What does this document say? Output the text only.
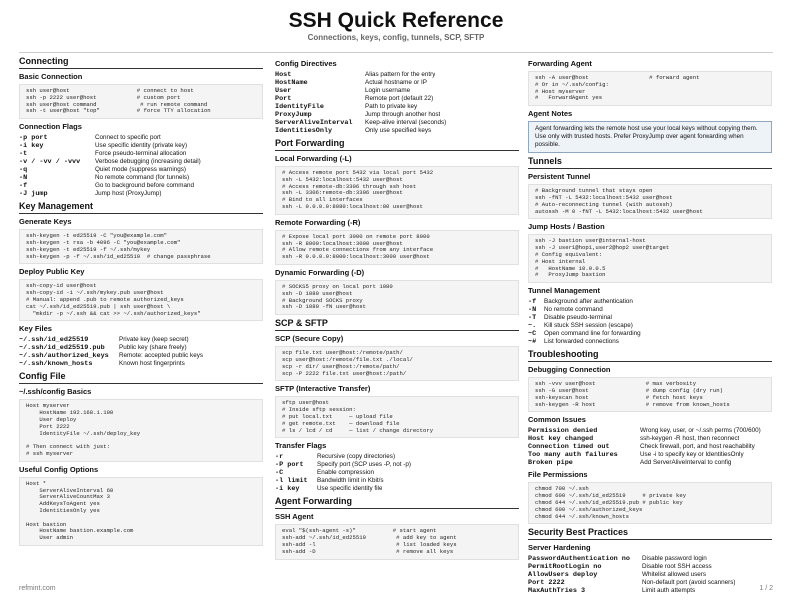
SSH Quick Reference
Connections, keys, config, tunnels, SCP, SFTP
Connecting
Basic Connection
ssh user@host                    # connect to host
ssh -p 2222 user@host            # custom port
ssh user@host command             # run remote command
ssh -t user@host "top"           # force TTY allocation
Connection Flags
-p port	Connect to specific port
-i key	Use specific identity (private key)
-t	Force pseudo-terminal allocation
-v / -vv / -vvv	Verbose debugging (increasing detail)
-q	Quiet mode (suppress warnings)
-N	No remote command (for tunnels)
-f	Go to background before command
-J jump	Jump host (ProxyJump)
Key Management
Generate Keys
ssh-keygen -t ed25519 -C "you@example.com"
ssh-keygen -t rsa -b 4096 -C "you@example.com"
ssh-keygen -t ed25519 -f ~/.ssh/mykey
ssh-keygen -p -f ~/.ssh/id_ed25519  # change passphrase
Deploy Public Key
ssh-copy-id user@host
ssh-copy-id -i ~/.ssh/mykey.pub user@host
# Manual: append .pub to remote authorized_keys
cat ~/.ssh/id_ed25519.pub | ssh user@host \
"mkdir -p ~/.ssh && cat >> ~/.ssh/authorized_keys"
Key Files
~/.ssh/id_ed25519	Private key (keep secret)
~/.ssh/id_ed25519.pub	Public key (share freely)
~/.ssh/authorized_keys	Remote: accepted public keys
~/.ssh/known_hosts	Known host fingerprints
Config File
~/.ssh/config Basics
Host myserver
HostName 192.168.1.100
User deploy
Port 2222
IdentityFile ~/.ssh/deploy_key

# Then connect with just:
# ssh myserver
Useful Config Options
Host *
ServerAliveInterval 60
ServerAliveCountMax 3
AddKeysToAgent yes
IdentitiesOnly yes

Host bastion
HostName bastion.example.com
User admin
Config Directives
Host	Alias pattern for the entry
HostName	Actual hostname or IP
User	Login username
Port	Remote port (default 22)
IdentityFile	Path to private key
ProxyJump	Jump through another host
ServerAliveInterval	Keep-alive interval (seconds)
IdentitiesOnly	Only use specified keys
Port Forwarding
Local Forwarding (-L)
# Access remote port 5432 via local port 5432
ssh -L 5432:localhost:5432 user@host
# Access remote-db:3306 through ssh host
ssh -L 3306:remote-db:3306 user@host
# Bind to all interfaces
ssh -L 0.0.0.0:8080:localhost:80 user@host
Remote Forwarding (-R)
# Expose local port 3000 on remote port 8000
ssh -R 8000:localhost:3000 user@host
# Allow remote connections from any interface
ssh -R 0.0.0.0:8000:localhost:3000 user@host
Dynamic Forwarding (-D)
# SOCKS5 proxy on local port 1080
ssh -D 1080 user@host
# Background SOCKS proxy
ssh -D 1080 -fN user@host
SCP & SFTP
SCP (Secure Copy)
scp file.txt user@host:/remote/path/
scp user@host:/remote/file.txt ./local/
scp -r dir/ user@host:/remote/path/
scp -P 2222 file.txt user@host:/path/
SFTP (Interactive Transfer)
sftp user@host
# Inside sftp session:
# put local.txt     — upload file
# get remote.txt    — download file
# ls / lcd / cd     — list / change directory
Transfer Flags
-r	Recursive (copy directories)
-P port	Specify port (SCP uses -P, not -p)
-C	Enable compression
-l limit	Bandwidth limit in Kbit/s
-i key	Use specific identity file
Agent Forwarding
SSH Agent
eval "$(ssh-agent -s)"           # start agent
ssh-add ~/.ssh/id_ed25519         # add key to agent
ssh-add -l                        # list loaded keys
ssh-add -D                        # remove all keys
Forwarding Agent
ssh -A user@host                  # forward agent
# Or in ~/.ssh/config:
# Host myserver
#   ForwardAgent yes
Agent Notes
Agent forwarding lets the remote host use your local keys without copying them. Use only with trusted hosts. Prefer ProxyJump over agent forwarding when possible.
Tunnels
Persistent Tunnel
# Background tunnel that stays open
ssh -fNT -L 5432:localhost:5432 user@host
# Auto-reconnecting tunnel (with autossh)
autossh -M 0 -fNT -L 5432:localhost:5432 user@host
Jump Hosts / Bastion
ssh -J bastion user@internal-host
ssh -J user1@hop1,user2@hop2 user@target
# Config equivalent:
# Host internal
#   HostName 10.0.0.5
#   ProxyJump bastion
Tunnel Management
-f	Background after authentication
-N	No remote command
-T	Disable pseudo-terminal
~.	Kill stuck SSH session (escape)
~C	Open command line for forwarding
~#	List forwarded connections
Troubleshooting
Debugging Connection
ssh -vvv user@host               # max verbosity
ssh -G user@host                 # dump config (dry run)
ssh-keyscan host                 # fetch host keys
ssh-keygen -R host               # remove from known_hosts
Common Issues
Permission denied	Wrong key, user, or ~/.ssh perms (700/600)
Host key changed	ssh-keygen -R host, then reconnect
Connection timed out	Check firewall, port, and host reachability
Too many auth failures	Use -i to specify key or IdentitiesOnly
Broken pipe	Add ServerAliveInterval to config
File Permissions
chmod 700 ~/.ssh
chmod 600 ~/.ssh/id_ed25519     # private key
chmod 644 ~/.ssh/id_ed25519.pub # public key
chmod 600 ~/.ssh/authorized_keys
chmod 644 ~/.ssh/known_hosts
Security Best Practices
Server Hardening
PasswordAuthentication no	Disable password login
PermitRootLogin no	Disable root SSH access
AllowUsers deploy	Whitelist allowed users
Port 2222	Non-default port (avoid scanners)
MaxAuthTries 3	Limit auth attempts
refmint.com	1 / 2
